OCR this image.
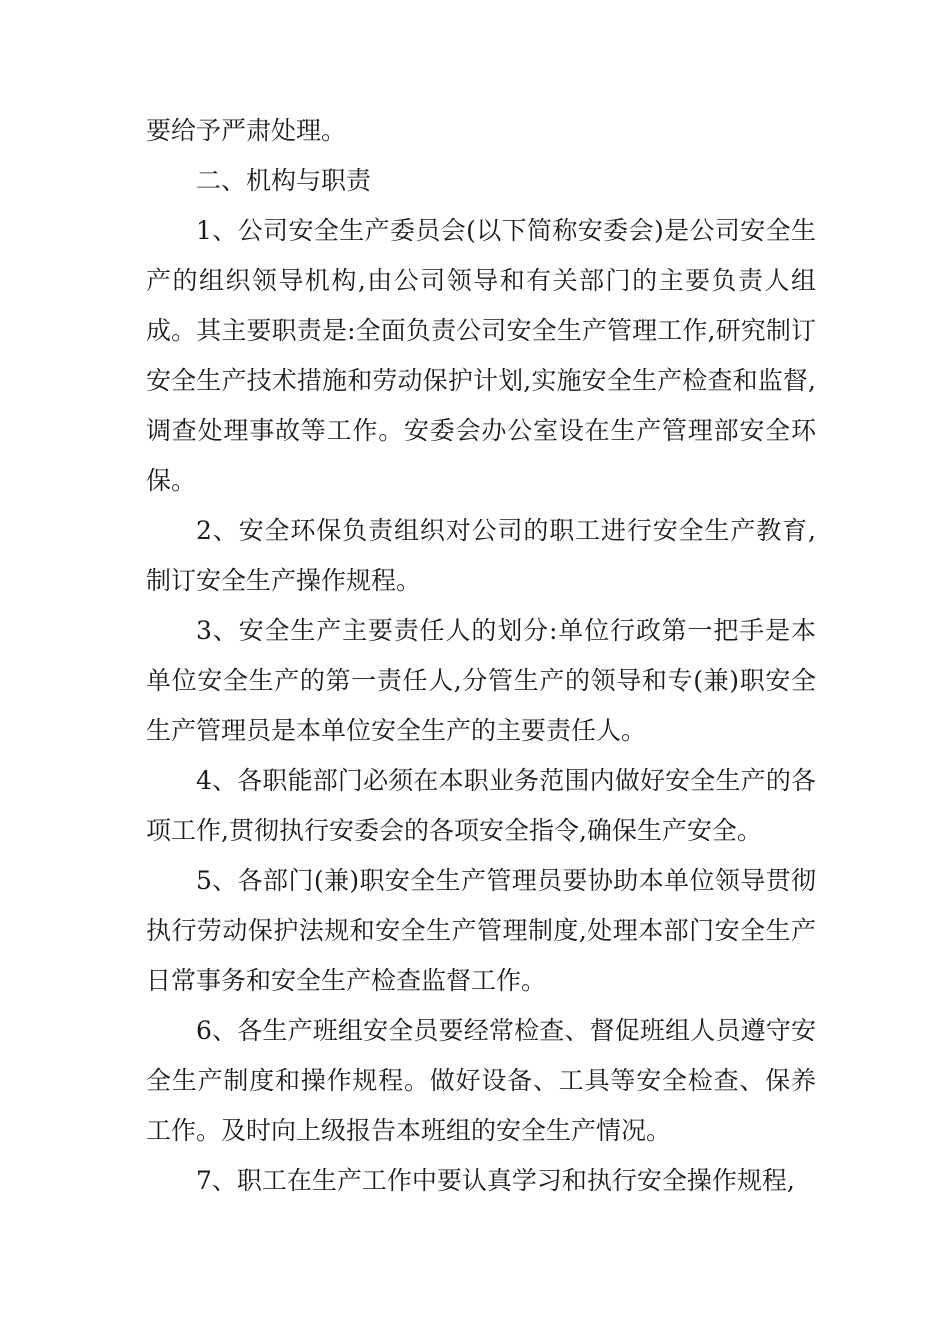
要给予严肃处理。

二、机构与职责

1、公司安全生产委员会(以下简称安委会)是公司安全生产的组织领导机构,由公司领导和有关部门的主要负责人组成。其主要职责是:全面负责公司安全生产管理工作,研究制订安全生产技术措施和劳动保护计划,实施安全生产检查和监督,调查处理事故等工作。安委会办公室设在生产管理部安全环保。

2、安全环保负责组织对公司的职工进行安全生产教育,制订安全生产操作规程。

3、安全生产主要责任人的划分:单位行政第一把手是本单位安全生产的第一责任人,分管生产的领导和专(兼)职安全生产管理员是本单位安全生产的主要责任人。

4、各职能部门必须在本职业务范围内做好安全生产的各项工作,贯彻执行安委会的各项安全指令,确保生产安全。

5、各部门(兼)职安全生产管理员要协助本单位领导贯彻执行劳动保护法规和安全生产管理制度,处理本部门安全生产日常事务和安全生产检查监督工作。

6、各生产班组安全员要经常检查、督促班组人员遵守安全生产制度和操作规程。做好设备、工具等安全检查、保养工作。及时向上级报告本班组的安全生产情况。

7、职工在生产工作中要认真学习和执行安全操作规程,
